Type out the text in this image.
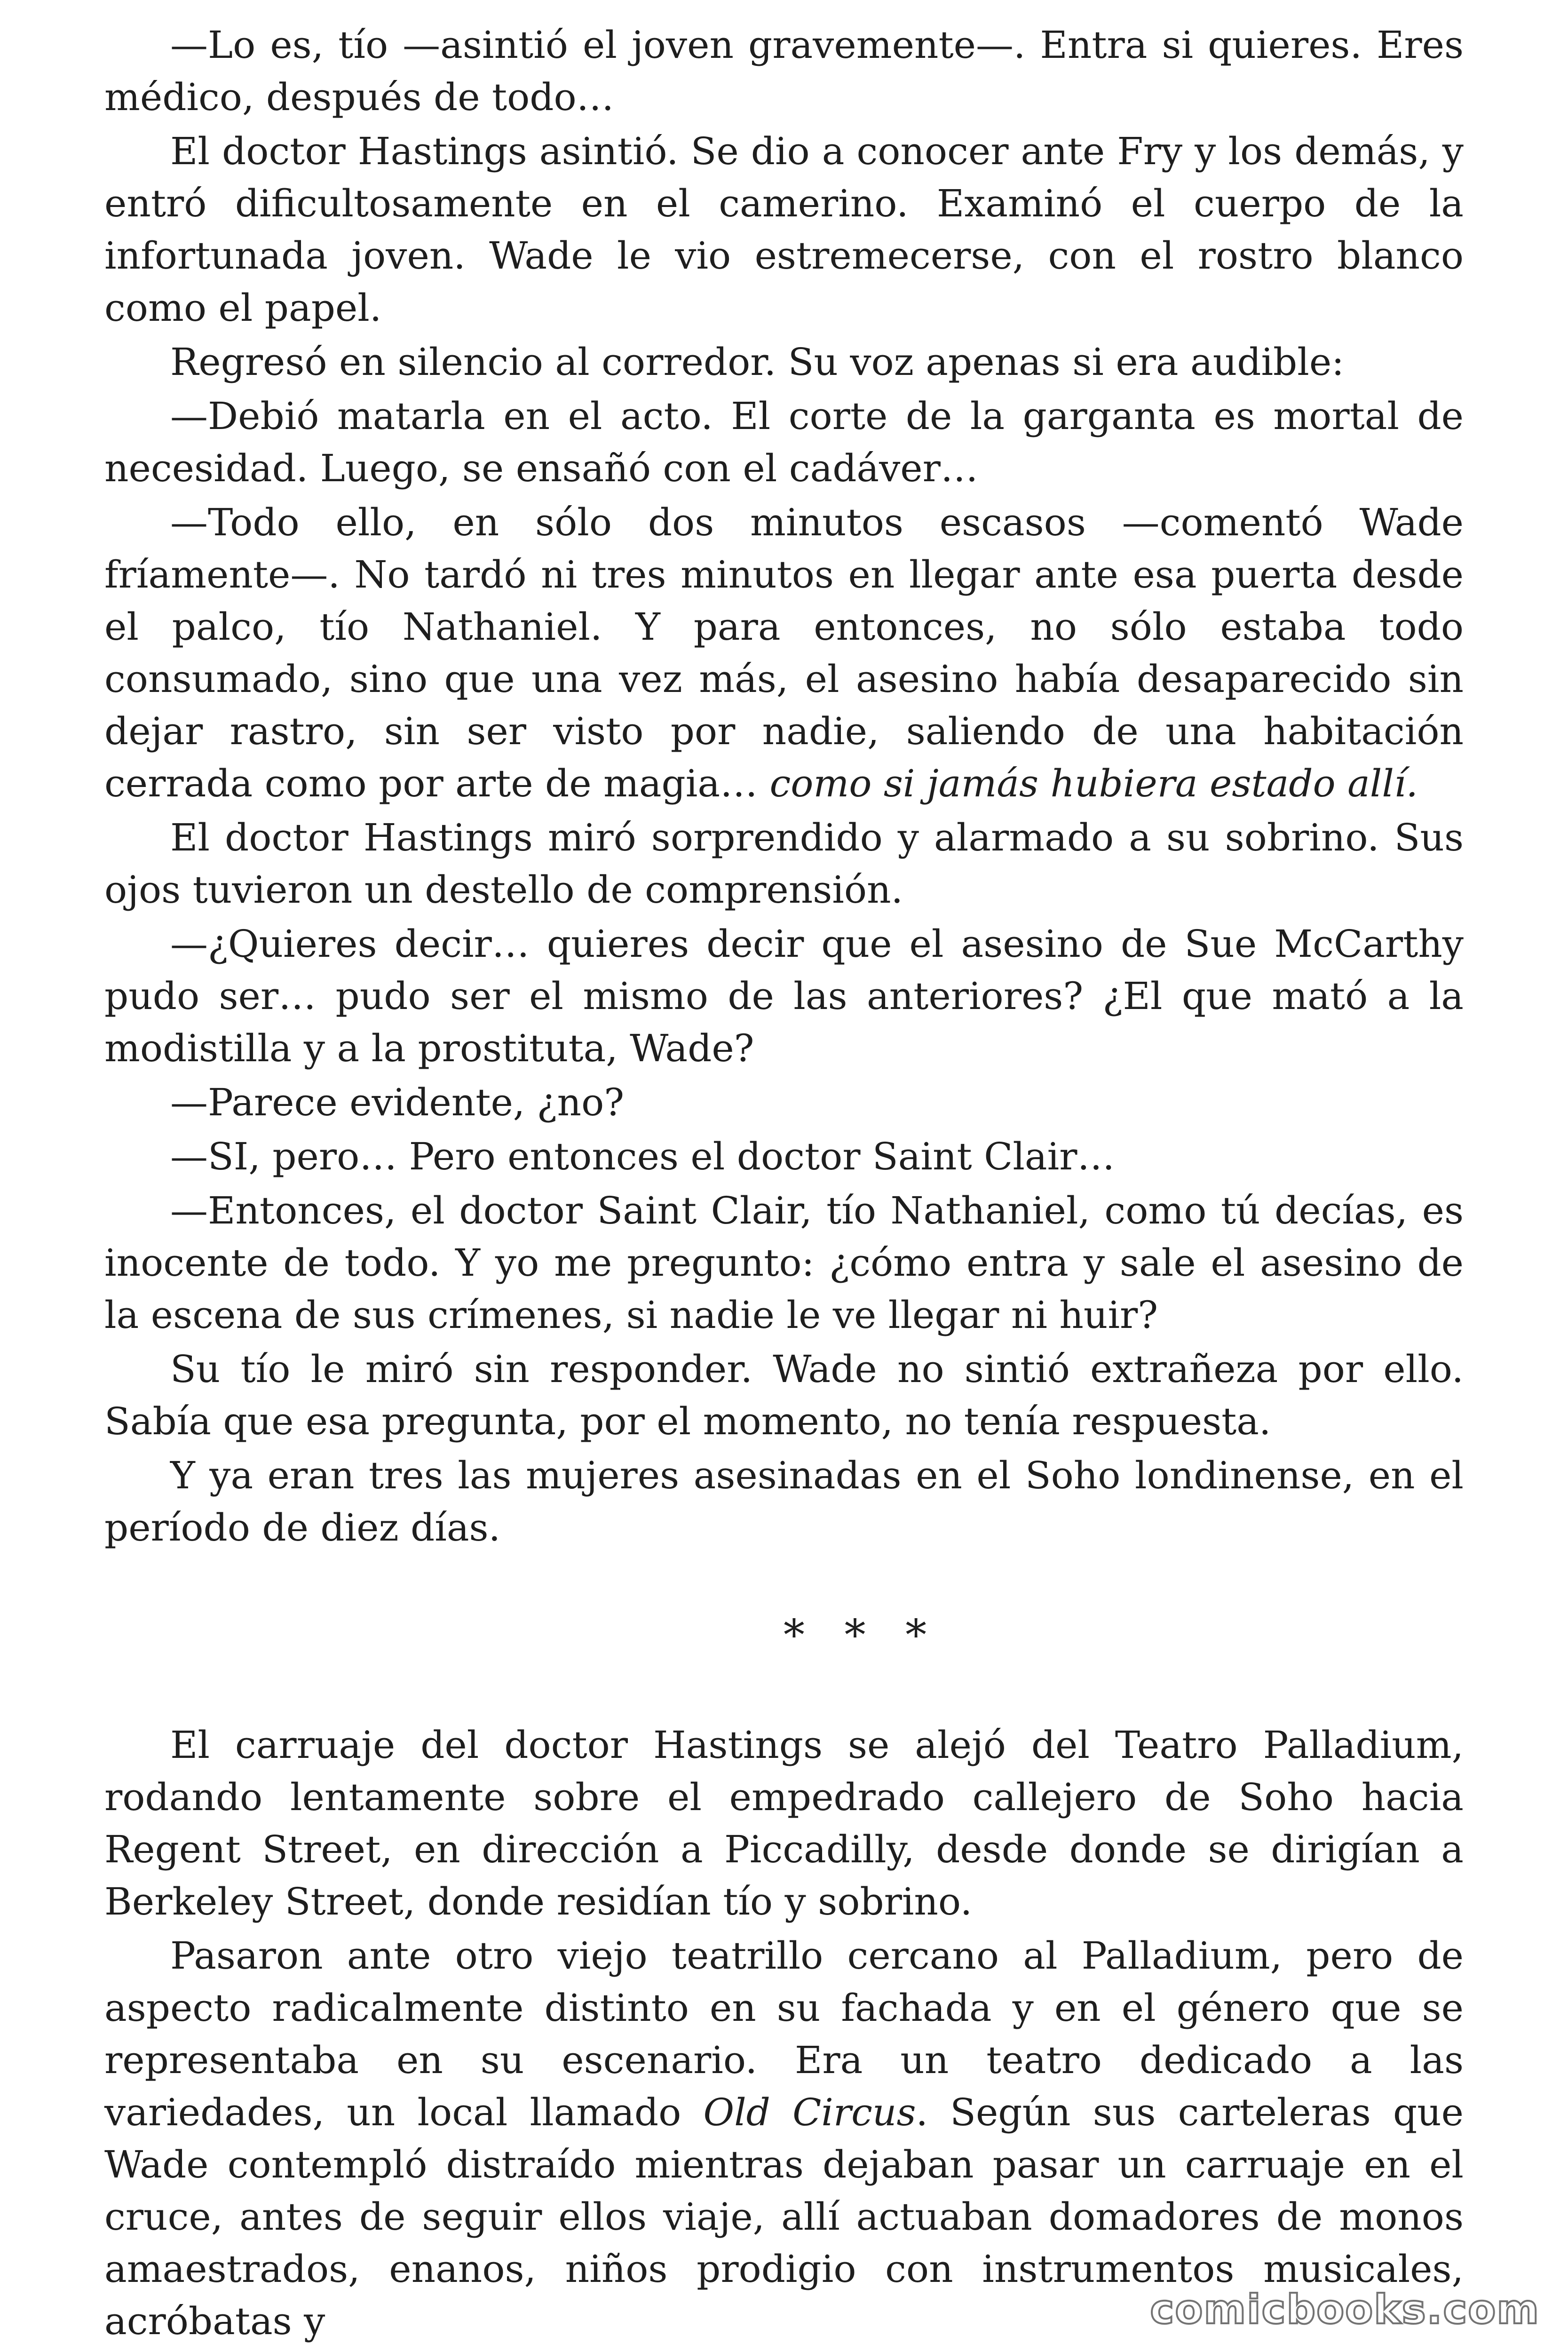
—Lo es, tío —asintió el joven gravemente—. Entra si quieres. Eres médico, después de todo…

El doctor Hastings asintió. Se dio a conocer ante Fry y los demás, y entró dificultosamente en el camerino. Examinó el cuerpo de la infortunada joven. Wade le vio estremecerse, con el rostro blanco como el papel.

Regresó en silencio al corredor. Su voz apenas si era audible:

—Debió matarla en el acto. El corte de la garganta es mortal de necesidad. Luego, se ensañó con el cadáver…

—Todo ello, en sólo dos minutos escasos —comentó Wade fríamente—. No tardó ni tres minutos en llegar ante esa puerta desde el palco, tío Nathaniel. Y para entonces, no sólo estaba todo consumado, sino que una vez más, el asesino había desaparecido sin dejar rastro, sin ser visto por nadie, saliendo de una habitación cerrada como por arte de magia… como si jamás hubiera estado allí.

El doctor Hastings miró sorprendido y alarmado a su sobrino. Sus ojos tuvieron un destello de comprensión.

—¿Quieres decir… quieres decir que el asesino de Sue McCarthy pudo ser… pudo ser el mismo de las anteriores? ¿El que mató a la modistilla y a la prostituta, Wade?

—Parece evidente, ¿no?

—SI, pero… Pero entonces el doctor Saint Clair…

—Entonces, el doctor Saint Clair, tío Nathaniel, como tú decías, es inocente de todo. Y yo me pregunto: ¿cómo entra y sale el asesino de la escena de sus crímenes, si nadie le ve llegar ni huir?

Su tío le miró sin responder. Wade no sintió extrañeza por ello. Sabía que esa pregunta, por el momento, no tenía respuesta.

Y ya eran tres las mujeres asesinadas en el Soho londinense, en el período de diez días.

* * *

El carruaje del doctor Hastings se alejó del Teatro Palladium, rodando lentamente sobre el empedrado callejero de Soho hacia Regent Street, en dirección a Piccadilly, desde donde se dirigían a Berkeley Street, donde residían tío y sobrino.

Pasaron ante otro viejo teatrillo cercano al Palladium, pero de aspecto radicalmente distinto en su fachada y en el género que se representaba en su escenario. Era un teatro dedicado a las variedades, un local llamado Old Circus. Según sus carteleras que Wade contempló distraído mientras dejaban pasar un carruaje en el cruce, antes de seguir ellos viaje, allí actuaban domadores de monos amaestrados, enanos, niños prodigio con instrumentos musicales, acróbatas y	comicbooks.com
